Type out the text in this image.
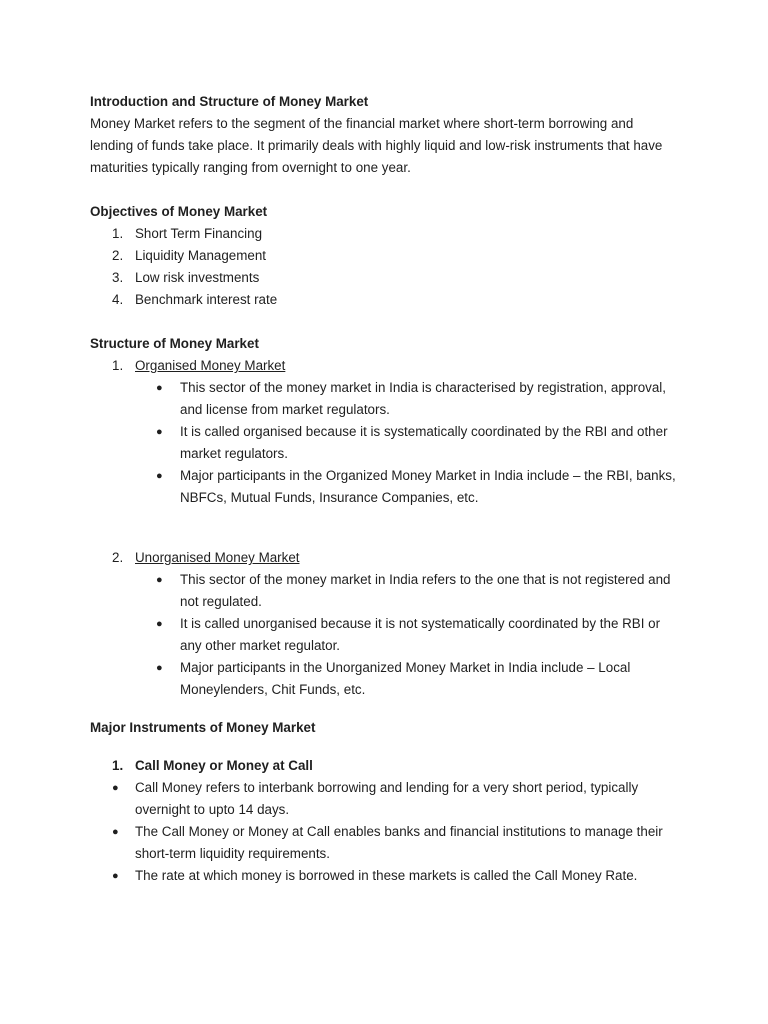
Introduction and Structure of Money Market

Money Market refers to the segment of the financial market where short-term borrowing and lending of funds take place. It primarily deals with highly liquid and low-risk instruments that have maturities typically ranging from overnight to one year.

Objectives of Money Market

1. Short Term Financing
2. Liquidity Management
3. Low risk investments
4. Benchmark interest rate

Structure of Money Market

1. Organised Money Market
● This sector of the money market in India is characterised by registration, approval, and license from market regulators.
● It is called organised because it is systematically coordinated by the RBI and other market regulators.
● Major participants in the Organized Money Market in India include – the RBI, banks, NBFCs, Mutual Funds, Insurance Companies, etc.
2. Unorganised Money Market
● This sector of the money market in India refers to the one that is not registered and not regulated.
● It is called unorganised because it is not systematically coordinated by the RBI or any other market regulator.
● Major participants in the Unorganized Money Market in India include – Local Moneylenders, Chit Funds, etc.

Major Instruments of Money Market

1. Call Money or Money at Call

● Call Money refers to interbank borrowing and lending for a very short period, typically overnight to upto 14 days.
● The Call Money or Money at Call enables banks and financial institutions to manage their short-term liquidity requirements.
● The rate at which money is borrowed in these markets is called the Call Money Rate.
